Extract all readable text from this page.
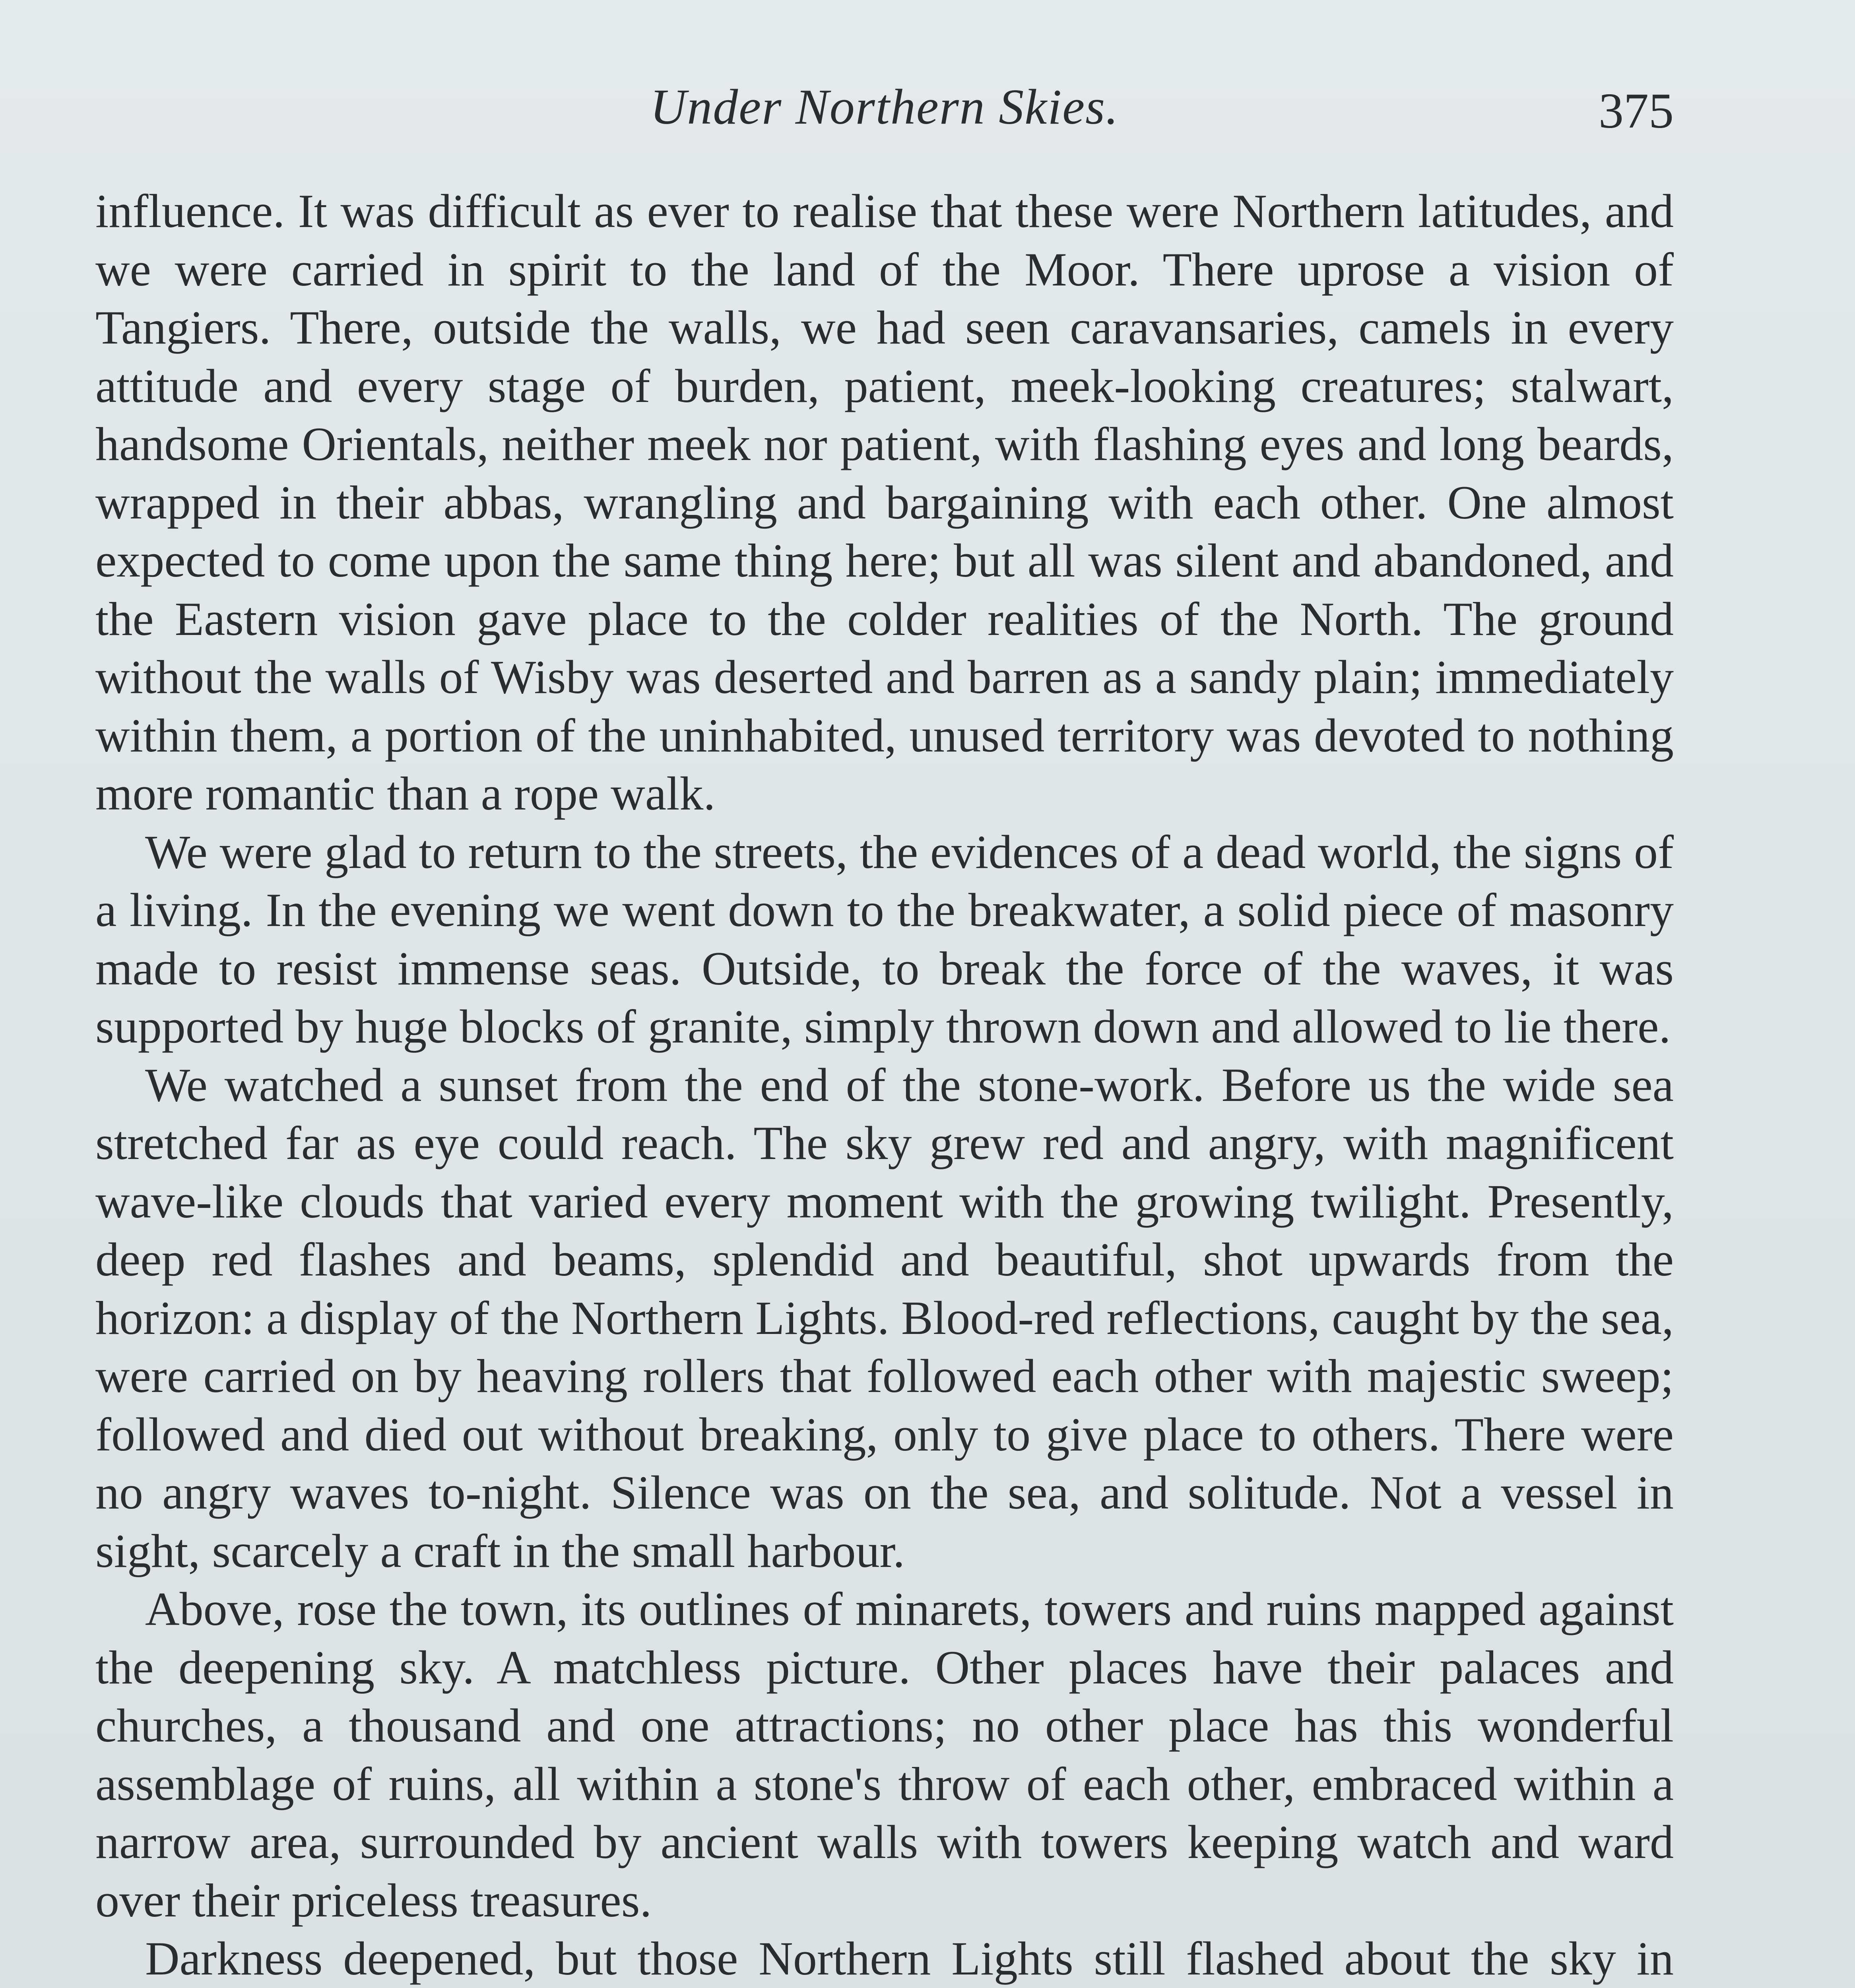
Under Northern Skies.	375

influence. It was difficult as ever to realise that these were Northern latitudes, and we were carried in spirit to the land of the Moor. There uprose a vision of Tangiers. There, outside the walls, we had seen caravansaries, camels in every attitude and every stage of burden, patient, meek-looking creatures; stalwart, handsome Orientals, neither meek nor patient, with flashing eyes and long beards, wrapped in their abbas, wrangling and bargaining with each other. One almost expected to come upon the same thing here; but all was silent and abandoned, and the Eastern vision gave place to the colder realities of the North. The ground without the walls of Wisby was deserted and barren as a sandy plain; immediately within them, a portion of the uninhabited, unused territory was devoted to nothing more romantic than a rope walk.

We were glad to return to the streets, the evidences of a dead world, the signs of a living. In the evening we went down to the breakwater, a solid piece of masonry made to resist immense seas. Outside, to break the force of the waves, it was supported by huge blocks of granite, simply thrown down and allowed to lie there.

We watched a sunset from the end of the stone-work. Before us the wide sea stretched far as eye could reach. The sky grew red and angry, with magnificent wave-like clouds that varied every moment with the growing twilight. Presently, deep red flashes and beams, splendid and beautiful, shot upwards from the horizon: a display of the Northern Lights. Blood-red reflections, caught by the sea, were carried on by heaving rollers that followed each other with majestic sweep; followed and died out without breaking, only to give place to others. There were no angry waves to-night. Silence was on the sea, and solitude. Not a vessel in sight, scarcely a craft in the small harbour.

Above, rose the town, its outlines of minarets, towers and ruins mapped against the deepening sky. A matchless picture. Other places have their palaces and churches, a thousand and one attractions; no other place has this wonderful assemblage of ruins, all within a stone's throw of each other, embraced within a narrow area, surrounded by ancient walls with towers keeping watch and ward over their priceless treasures.

Darkness deepened, but those Northern Lights still flashed about the sky in
